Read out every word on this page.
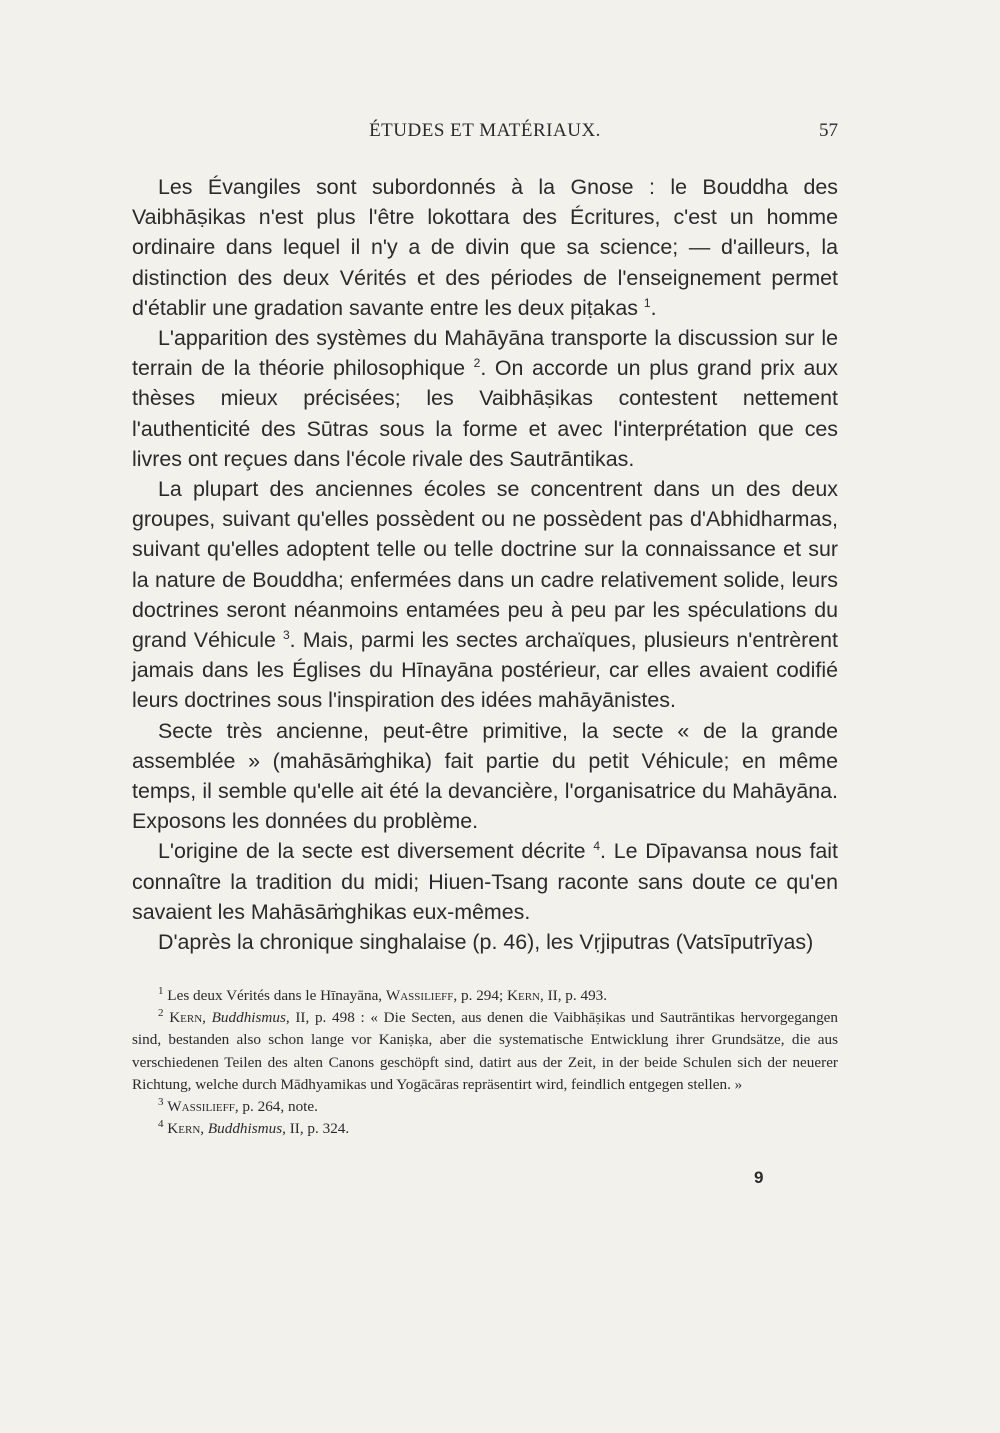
ÉTUDES ET MATÉRIAUX.	57

Les Évangiles sont subordonnés à la Gnose : le Bouddha des Vaibhāṣikas n'est plus l'être lokottara des Écritures, c'est un homme ordinaire dans lequel il n'y a de divin que sa science; — d'ailleurs, la distinction des deux Vérités et des périodes de l'enseignement permet d'établir une gradation savante entre les deux piṭakas $^1$.

L'apparition des systèmes du Mahāyāna transporte la discussion sur le terrain de la théorie philosophique $^2$. On accorde un plus grand prix aux thèses mieux précisées; les Vaibhāṣikas contestent nettement l'authenticité des Sūtras sous la forme et avec l'interprétation que ces livres ont reçues dans l'école rivale des Sautrāntikas.

La plupart des anciennes écoles se concentrent dans un des deux groupes, suivant qu'elles possèdent ou ne possèdent pas d'Abhidharmas, suivant qu'elles adoptent telle ou telle doctrine sur la connaissance et sur la nature de Bouddha; enfermées dans un cadre relativement solide, leurs doctrines seront néanmoins entamées peu à peu par les spéculations du grand Véhicule $^3$. Mais, parmi les sectes archaïques, plusieurs n'entrèrent jamais dans les Églises du Hīnayāna postérieur, car elles avaient codifié leurs doctrines sous l'inspiration des idées mahāyānistes.

Secte très ancienne, peut-être primitive, la secte « de la grande assemblée » (mahāsāṁghika) fait partie du petit Véhicule; en même temps, il semble qu'elle ait été la devancière, l'organisatrice du Mahāyāna. Exposons les données du problème.

L'origine de la secte est diversement décrite $^4$. Le Dīpavansa nous fait connaître la tradition du midi; Hiuen-Tsang raconte sans doute ce qu'en savaient les Mahāsāṁghikas eux-mêmes.

D'après la chronique singhalaise (p. 46), les Vṛjiputras (Vatsīputrīyas)

$^1$ Les deux Vérités dans le Hīnayāna, Wassilieff, p. 294; Kern, II, p. 493.

$^2$ Kern, Buddhismus, II, p. 498 : « Die Secten, aus denen die Vaibhāṣikas und Sautrāntikas hervorgegangen sind, bestanden also schon lange vor Kaniṣka, aber die systematische Entwicklung ihrer Grundsätze, die aus verschiedenen Teilen des alten Canons geschöpft sind, datirt aus der Zeit, in der beide Schulen sich der neuerer Richtung, welche durch Mādhyamikas und Yogācāras repräsentirt wird, feindlich entgegen stellen. »

$^3$ Wassilieff, p. 264, note.

$^4$ Kern, Buddhismus, II, p. 324.

9
